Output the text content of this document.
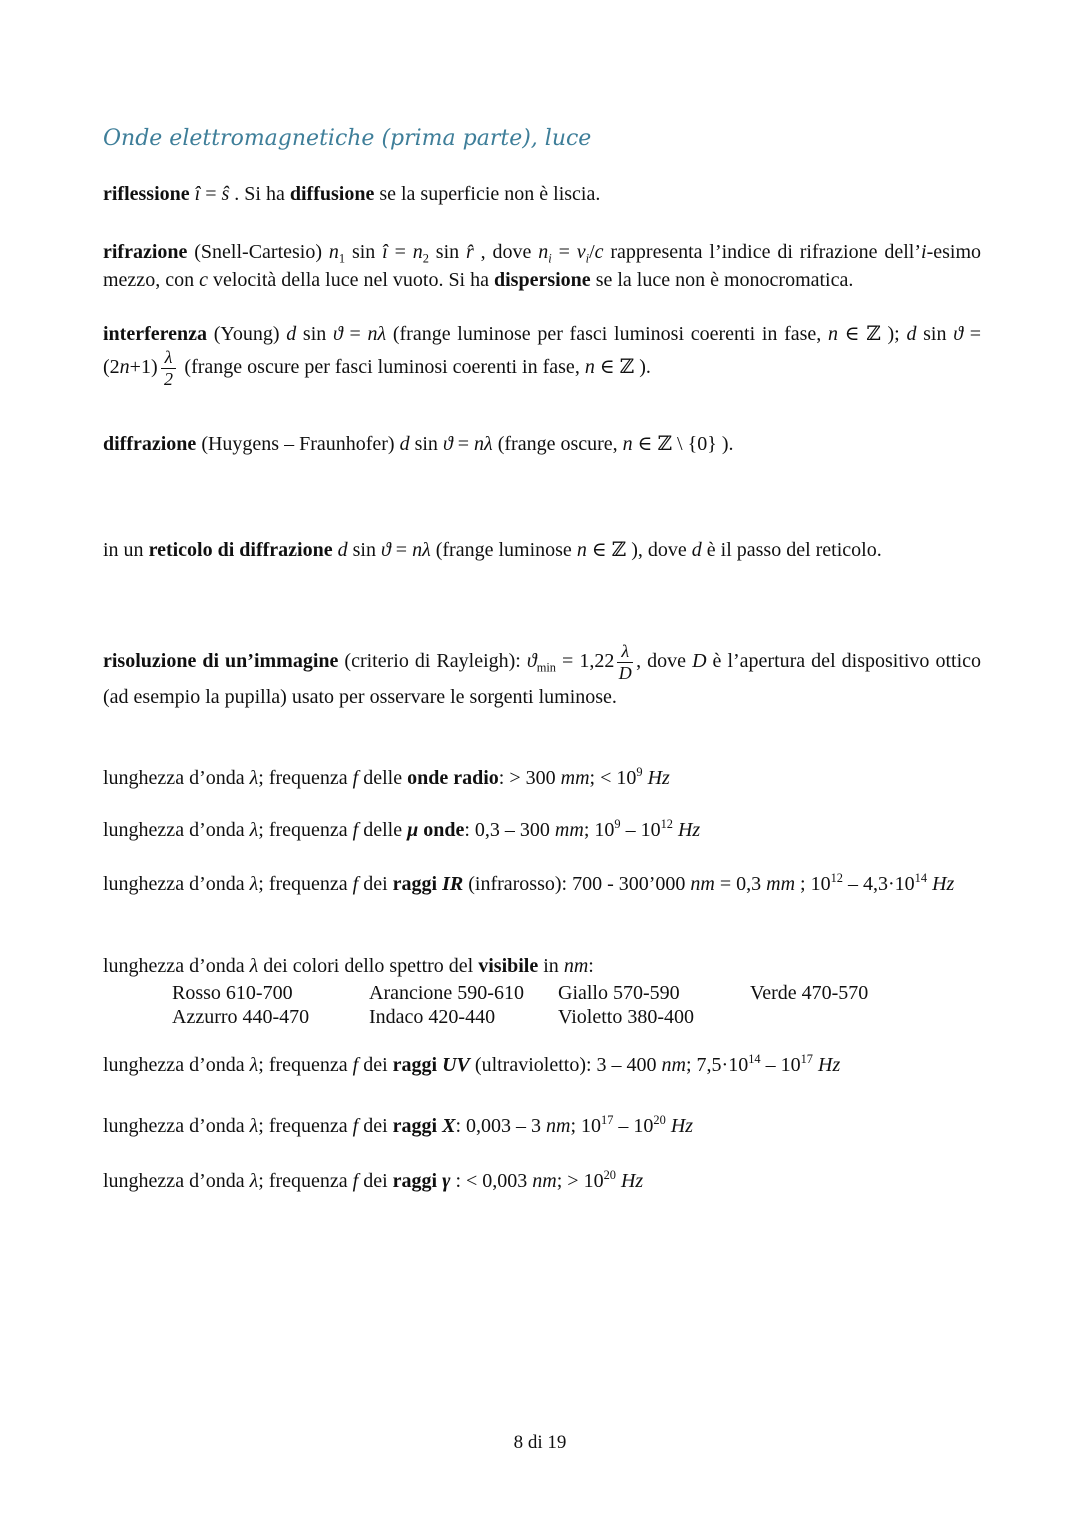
Onde elettromagnetiche (prima parte), luce
riflessione î = ŝ . Si ha diffusione se la superficie non è liscia.
rifrazione (Snell-Cartesio) $n_1$ sin î = $n_2$ sin r̂ , dove $n_i = v_i/c$ rappresenta l’indice di rifrazione dell’i-esimo mezzo, con c velocità della luce nel vuoto. Si ha dispersione se la luce non è monocromatica.
interferenza (Young) d sin ϑ = nλ (frange luminose per fasci luminosi coerenti in fase, n ∈ ℤ ); d $\sin ϑ = (2n+1) \frac{\lambda}{2}$ (frange oscure per fasci luminosi coerenti in fase, n ∈ ℤ ).
diffrazione (Huygens – Fraunhofer) d sin ϑ = nλ (frange oscure, n ∈ ℤ \ {0} ).
in un reticolo di diffrazione d sin ϑ = nλ (frange luminose n ∈ ℤ ), dove d è il passo del reticolo.
risoluzione di un’immagine (criterio di Rayleigh): $ϑ_{min} = 1,22 \frac{\lambda}{D}$ , dove D è l’apertura del dispositivo ottico (ad esempio la pupilla) usato per osservare le sorgenti luminose.
lunghezza d’onda λ; frequenza f delle onde radio: > 300 mm; < $10^9$ Hz
lunghezza d’onda λ; frequenza f delle μ onde: 0,3 – 300 mm; $10^9 - 10^{12}$ Hz
lunghezza d’onda λ; frequenza f dei raggi IR (infrarosso): 700 - 300’000 nm = 0,3 mm ; $10^{12} - 4,3\cdot 10^{14}$ Hz
lunghezza d’onda λ dei colori dello spettro del visibile in nm:
Rosso 610-700	Arancione 590-610	Giallo 570-590	Verde 470-570
Azzurro 440-470	Indaco 420-440	Violetto 380-400
lunghezza d’onda λ; frequenza f dei raggi UV (ultravioletto): 3 – 400 nm; $7,5\cdot 10^{14} - 10^{17}$ Hz
lunghezza d’onda λ; frequenza f dei raggi X: 0,003 – 3 nm; $10^{17} - 10^{20}$ Hz
lunghezza d’onda λ; frequenza f dei raggi γ : < 0,003 nm; > $10^{20}$ Hz
8 di 19
